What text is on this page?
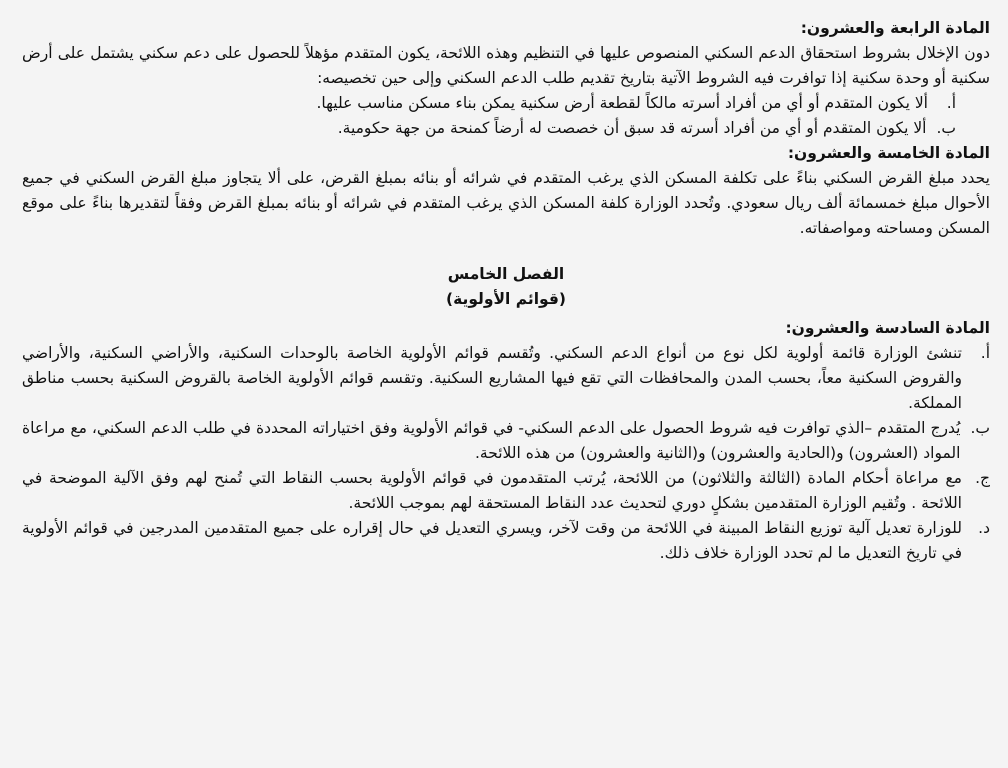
المادة الرابعة والعشرون:

دون الإخلال بشروط استحقاق الدعم السكني المنصوص عليها في التنظيم وهذه اللائحة، يكون المتقدم مؤهلاً للحصول على دعم سكني يشتمل على أرض سكنية أو وحدة سكنية إذا توافرت فيه الشروط الآتية بتاريخ تقديم طلب الدعم السكني وإلى حين تخصيصه:

أ.
ألا يكون المتقدم أو أي من أفراد أسرته مالكاً لقطعة أرض سكنية يمكن بناء مسكن مناسب عليها.
ب.
ألا يكون المتقدم أو أي من أفراد أسرته قد سبق أن خصصت له أرضاً كمنحة من جهة حكومية.

المادة الخامسة والعشرون:

يحدد مبلغ القرض السكني بناءً على تكلفة المسكن الذي يرغب المتقدم في شرائه أو بنائه بمبلغ القرض، على ألا يتجاوز مبلغ القرض السكني في جميع الأحوال مبلغ خمسمائة ألف ريال سعودي. وتُحدد الوزارة كلفة المسكن الذي يرغب المتقدم في شرائه أو بنائه بمبلغ القرض وفقاً لتقديرها بناءً على موقع المسكن ومساحته ومواصفاته.

الفصل الخامس

(قوائم الأولوية)

المادة السادسة والعشرون:

أ.
تنشئ الوزارة قائمة أولوية لكل نوع من أنواع الدعم السكني. وتُقسم قوائم الأولوية الخاصة بالوحدات السكنية، والأراضي السكنية، والأراضي والقروض السكنية معاً، بحسب المدن والمحافظات التي تقع فيها المشاريع السكنية. وتقسم قوائم الأولوية الخاصة بالقروض السكنية بحسب مناطق المملكة.
ب.
يُدرج المتقدم –الذي توافرت فيه شروط الحصول على الدعم السكني- في قوائم الأولوية وفق اختياراته المحددة في طلب الدعم السكني، مع مراعاة المواد (العشرون) و(الحادية والعشرون) و(الثانية والعشرون) من هذه اللائحة.
ج.
مع مراعاة أحكام المادة (الثالثة والثلاثون) من اللائحة، يُرتب المتقدمون في قوائم الأولوية بحسب النقاط التي تُمنح لهم وفق الآلية الموضحة في اللائحة . وتُقيم الوزارة المتقدمين بشكلٍ دوري لتحديث عدد النقاط المستحقة لهم بموجب اللائحة.
د.
للوزارة تعديل آلية توزيع النقاط المبينة في اللائحة من وقت لآخر، ويسري التعديل في حال إقراره على جميع المتقدمين المدرجين في قوائم الأولوية في تاريخ التعديل ما لم تحدد الوزارة خلاف ذلك.
